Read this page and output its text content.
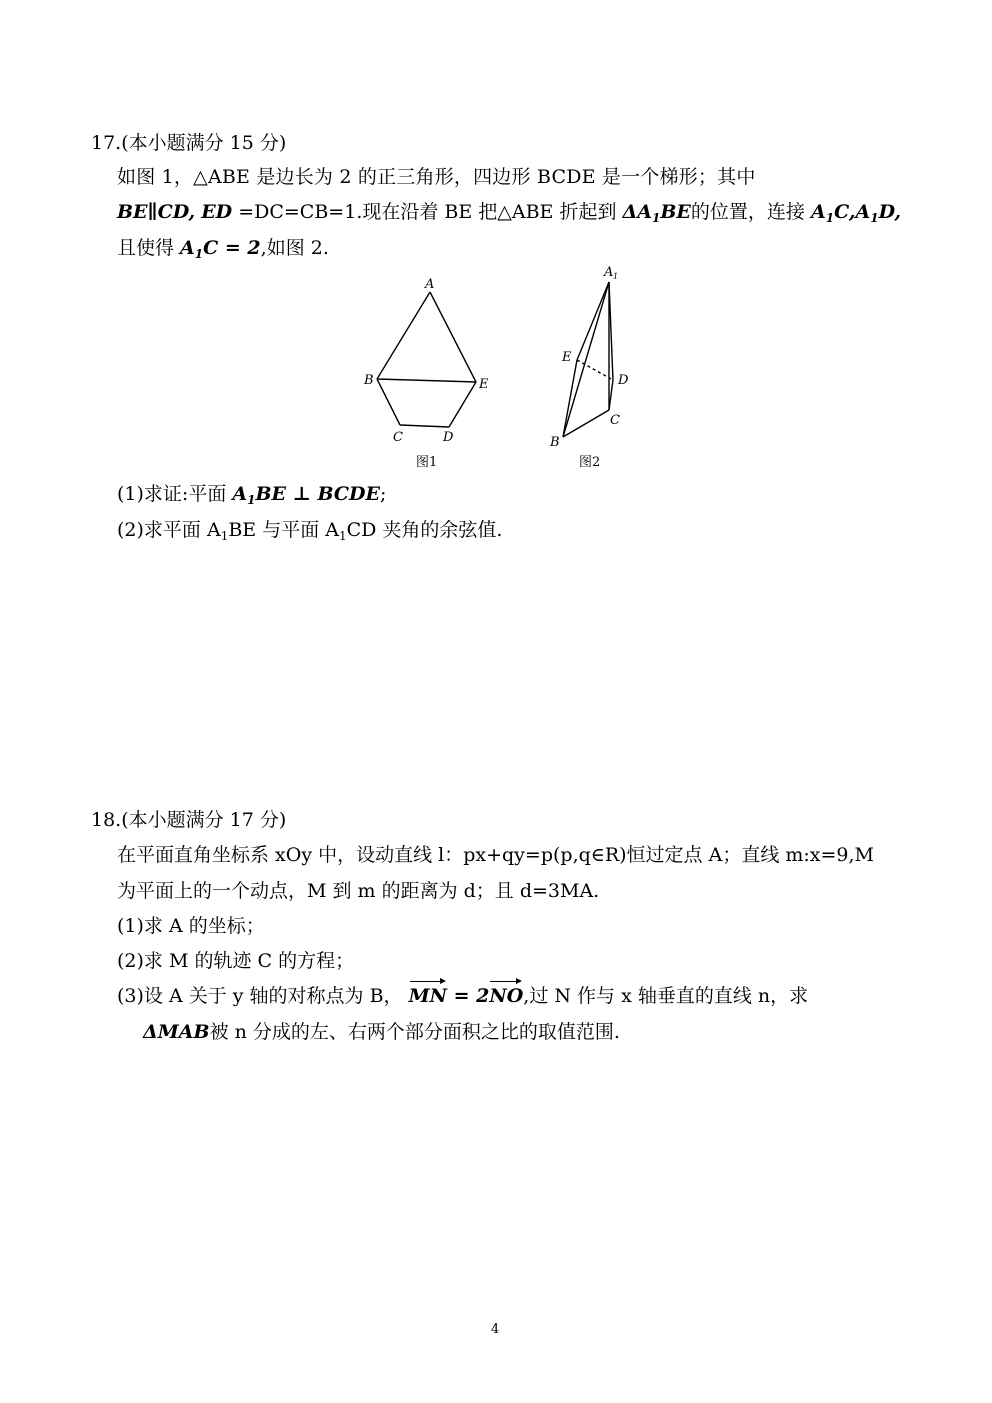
17.(本小题满分 15 分)
如图 1，△ABE 是边长为 2 的正三角形，四边形 BCDE 是一个梯形；其中
BE∥CD, ED =DC=CB=1.现在沿着 BE 把△ABE 折起到 $\Delta A_1BE$的位置，连接 $A_1C,A_1D$,
且使得 $A_1C = 2$,如图 2.
A
B	E
C	D
图1
A 1
E
D
C
B
图2
(1)求证:平面 $A_1BE$ ⊥ BCDE;
(2)求平面 $A_1BE$ 与平面 $A_1CD$ 夹角的余弦值.
18.(本小题满分 17 分)
在平面直角坐标系 xOy 中，设动直线 l：px+qy=p(p,q∈R)恒过定点 A；直线 m:x=9,M
为平面上的一个动点，M 到 m 的距离为 d；且 d=3MA.
(1)求 A 的坐标；
(2)求 M 的轨迹 C 的方程；
(3)设 A 关于 y 轴的对称点为 B， MN = 2NO,过 N 作与 x 轴垂直的直线 n，求
ΔMAB被 n 分成的左、右两个部分面积之比的取值范围.
4
